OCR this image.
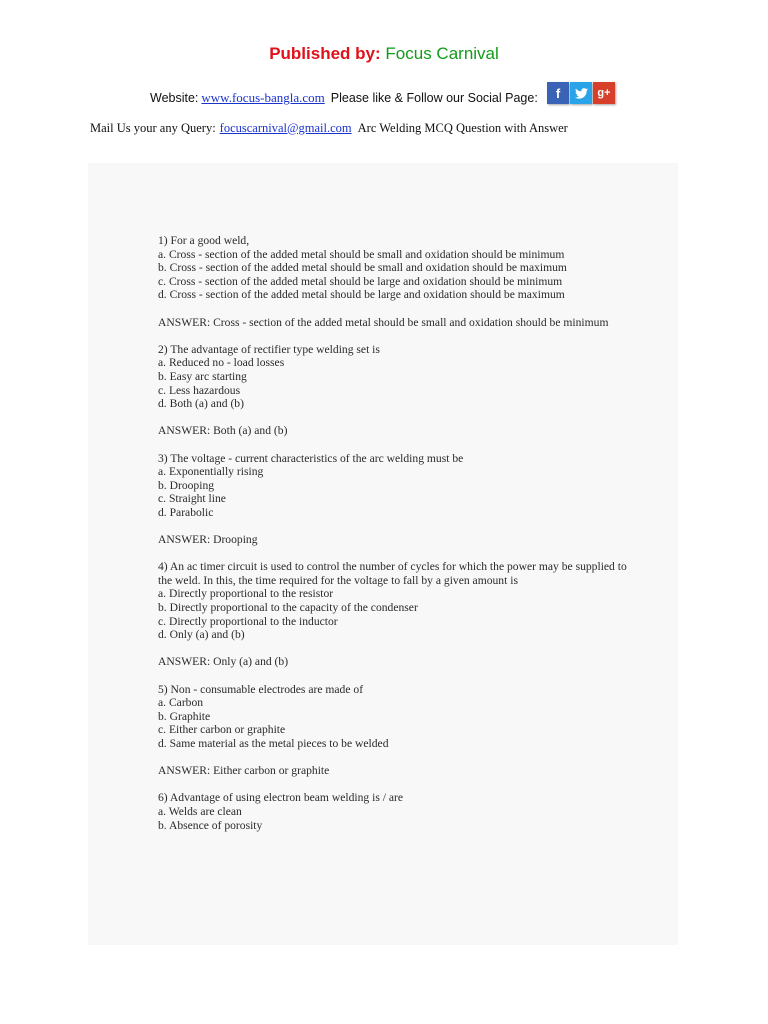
Published by: Focus Carnival
Website: www.focus-bangla.com Please like & Follow our Social Page:	f	g+
Mail Us your any Query: focuscarnival@gmail.com Arc Welding MCQ Question with Answer
1) For a good weld,
a. Cross - section of the added metal should be small and oxidation should be minimum
b. Cross - section of the added metal should be small and oxidation should be maximum
c. Cross - section of the added metal should be large and oxidation should be minimum
d. Cross - section of the added metal should be large and oxidation should be maximum
ANSWER: Cross - section of the added metal should be small and oxidation should be minimum
2) The advantage of rectifier type welding set is
a. Reduced no - load losses
b. Easy arc starting
c. Less hazardous
d. Both (a) and (b)
ANSWER: Both (a) and (b)
3) The voltage - current characteristics of the arc welding must be
a. Exponentially rising
b. Drooping
c. Straight line
d. Parabolic
ANSWER: Drooping
4) An ac timer circuit is used to control the number of cycles for which the power may be supplied to the weld. In this, the time required for the voltage to fall by a given amount is
a. Directly proportional to the resistor
b. Directly proportional to the capacity of the condenser
c. Directly proportional to the inductor
d. Only (a) and (b)
ANSWER: Only (a) and (b)
5) Non - consumable electrodes are made of
a. Carbon
b. Graphite
c. Either carbon or graphite
d. Same material as the metal pieces to be welded
ANSWER: Either carbon or graphite
6) Advantage of using electron beam welding is / are
a. Welds are clean
b. Absence of porosity
